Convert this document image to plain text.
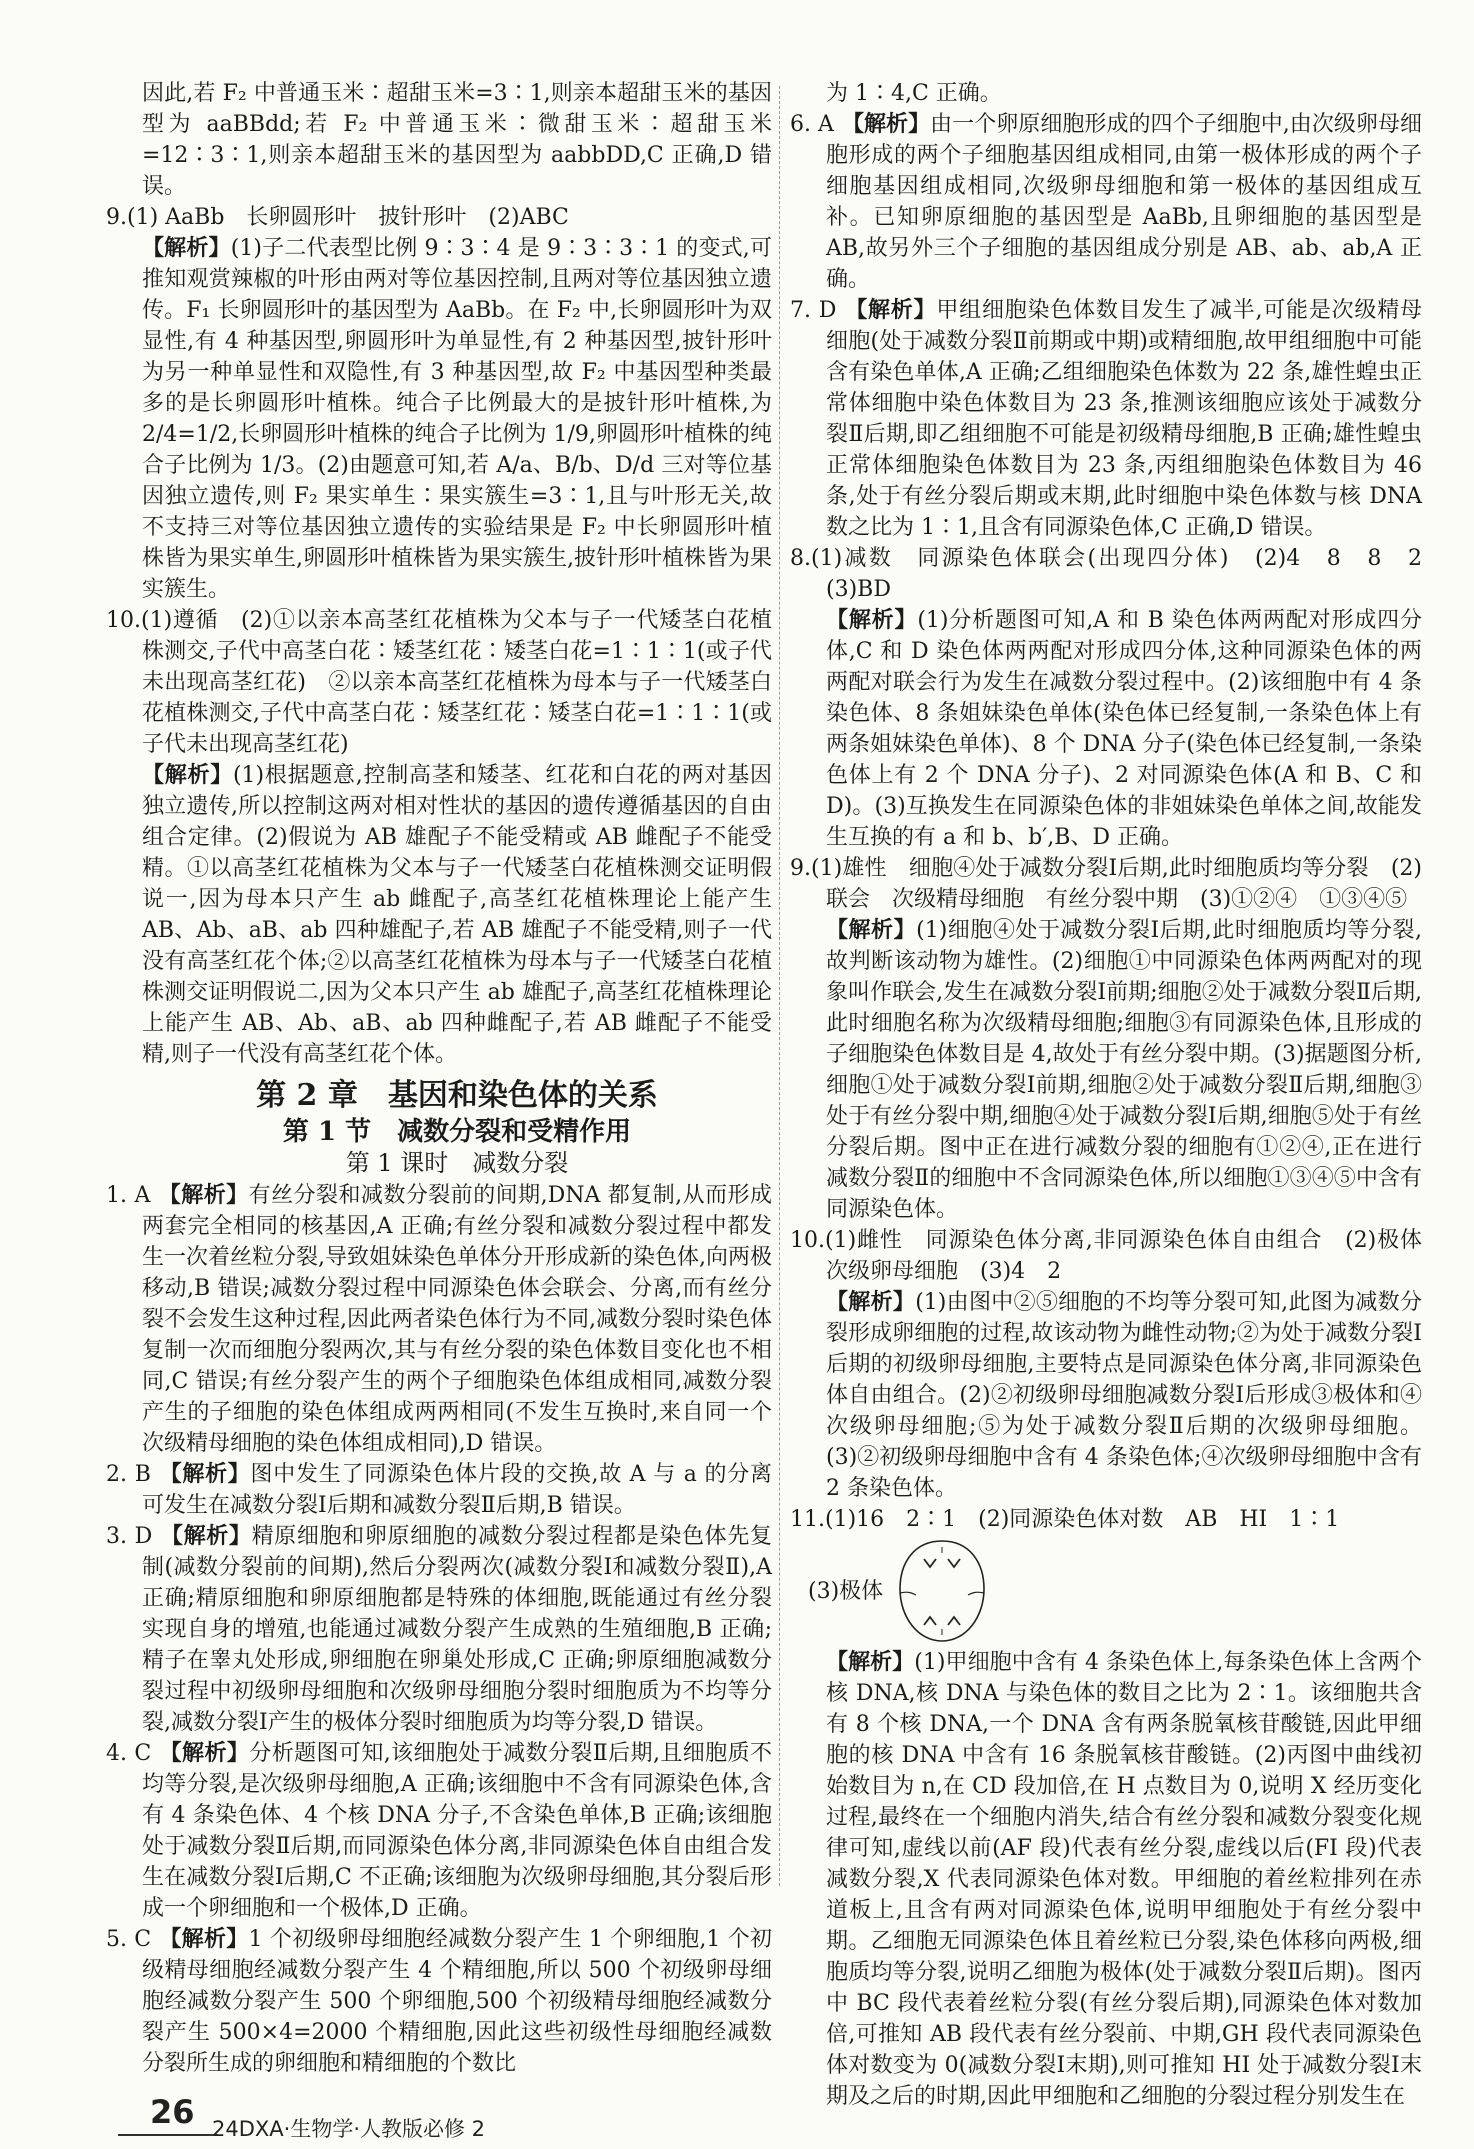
因此,若 F₂ 中普通玉米∶超甜玉米=3∶1,则亲本超甜玉米的基因型为 aaBBdd;若 F₂ 中普通玉米∶微甜玉米∶超甜玉米=12∶3∶1,则亲本超甜玉米的基因型为 aabbDD,C 正确,D 错误。

9.(1) AaBb　长卵圆形叶　披针形叶　(2)ABC

【解析】(1)子二代表型比例 9∶3∶4 是 9∶3∶3∶1 的变式,可推知观赏辣椒的叶形由两对等位基因控制,且两对等位基因独立遗传。F₁ 长卵圆形叶的基因型为 AaBb。在 F₂ 中,长卵圆形叶为双显性,有 4 种基因型,卵圆形叶为单显性,有 2 种基因型,披针形叶为另一种单显性和双隐性,有 3 种基因型,故 F₂ 中基因型种类最多的是长卵圆形叶植株。纯合子比例最大的是披针形叶植株,为 2/4=1/2,长卵圆形叶植株的纯合子比例为 1/9,卵圆形叶植株的纯合子比例为 1/3。(2)由题意可知,若 A/a、B/b、D/d 三对等位基因独立遗传,则 F₂ 果实单生∶果实簇生=3∶1,且与叶形无关,故不支持三对等位基因独立遗传的实验结果是 F₂ 中长卵圆形叶植株皆为果实单生,卵圆形叶植株皆为果实簇生,披针形叶植株皆为果实簇生。

10.(1)遵循　(2)①以亲本高茎红花植株为父本与子一代矮茎白花植株测交,子代中高茎白花∶矮茎红花∶矮茎白花=1∶1∶1(或子代未出现高茎红花)　②以亲本高茎红花植株为母本与子一代矮茎白花植株测交,子代中高茎白花∶矮茎红花∶矮茎白花=1∶1∶1(或子代未出现高茎红花)

【解析】(1)根据题意,控制高茎和矮茎、红花和白花的两对基因独立遗传,所以控制这两对相对性状的基因的遗传遵循基因的自由组合定律。(2)假说为 AB 雄配子不能受精或 AB 雌配子不能受精。①以高茎红花植株为父本与子一代矮茎白花植株测交证明假说一,因为母本只产生 ab 雌配子,高茎红花植株理论上能产生 AB、Ab、aB、ab 四种雄配子,若 AB 雄配子不能受精,则子一代没有高茎红花个体;②以高茎红花植株为母本与子一代矮茎白花植株测交证明假说二,因为父本只产生 ab 雄配子,高茎红花植株理论上能产生 AB、Ab、aB、ab 四种雌配子,若 AB 雌配子不能受精,则子一代没有高茎红花个体。

第 2 章　基因和染色体的关系
第 1 节　减数分裂和受精作用
第 1 课时　减数分裂

1. A 【解析】有丝分裂和减数分裂前的间期,DNA 都复制,从而形成两套完全相同的核基因,A 正确;有丝分裂和减数分裂过程中都发生一次着丝粒分裂,导致姐妹染色单体分开形成新的染色体,向两极移动,B 错误;减数分裂过程中同源染色体会联会、分离,而有丝分裂不会发生这种过程,因此两者染色体行为不同,减数分裂时染色体复制一次而细胞分裂两次,其与有丝分裂的染色体数目变化也不相同,C 错误;有丝分裂产生的两个子细胞染色体组成相同,减数分裂产生的子细胞的染色体组成两两相同(不发生互换时,来自同一个次级精母细胞的染色体组成相同),D 错误。

2. B 【解析】图中发生了同源染色体片段的交换,故 A 与 a 的分离可发生在减数分裂Ⅰ后期和减数分裂Ⅱ后期,B 错误。

3. D 【解析】精原细胞和卵原细胞的减数分裂过程都是染色体先复制(减数分裂前的间期),然后分裂两次(减数分裂Ⅰ和减数分裂Ⅱ),A 正确;精原细胞和卵原细胞都是特殊的体细胞,既能通过有丝分裂实现自身的增殖,也能通过减数分裂产生成熟的生殖细胞,B 正确;精子在睾丸处形成,卵细胞在卵巢处形成,C 正确;卵原细胞减数分裂过程中初级卵母细胞和次级卵母细胞分裂时细胞质为不均等分裂,减数分裂Ⅰ产生的极体分裂时细胞质为均等分裂,D 错误。

4. C 【解析】分析题图可知,该细胞处于减数分裂Ⅱ后期,且细胞质不均等分裂,是次级卵母细胞,A 正确;该细胞中不含有同源染色体,含有 4 条染色体、4 个核 DNA 分子,不含染色单体,B 正确;该细胞处于减数分裂Ⅱ后期,而同源染色体分离,非同源染色体自由组合发生在减数分裂Ⅰ后期,C 不正确;该细胞为次级卵母细胞,其分裂后形成一个卵细胞和一个极体,D 正确。

5. C 【解析】1 个初级卵母细胞经减数分裂产生 1 个卵细胞,1 个初级精母细胞经减数分裂产生 4 个精细胞,所以 500 个初级卵母细胞经减数分裂产生 500 个卵细胞,500 个初级精母细胞经减数分裂产生 500×4=2000 个精细胞,因此这些初级性母细胞经减数分裂所生成的卵细胞和精细胞的个数比

为 1∶4,C 正确。

6. A 【解析】由一个卵原细胞形成的四个子细胞中,由次级卵母细胞形成的两个子细胞基因组成相同,由第一极体形成的两个子细胞基因组成相同,次级卵母细胞和第一极体的基因组成互补。已知卵原细胞的基因型是 AaBb,且卵细胞的基因型是 AB,故另外三个子细胞的基因组成分别是 AB、ab、ab,A 正确。

7. D 【解析】甲组细胞染色体数目发生了减半,可能是次级精母细胞(处于减数分裂Ⅱ前期或中期)或精细胞,故甲组细胞中可能含有染色单体,A 正确;乙组细胞染色体数为 22 条,雄性蝗虫正常体细胞中染色体数目为 23 条,推测该细胞应该处于减数分裂Ⅱ后期,即乙组细胞不可能是初级精母细胞,B 正确;雄性蝗虫正常体细胞染色体数目为 23 条,丙组细胞染色体数目为 46 条,处于有丝分裂后期或末期,此时细胞中染色体数与核 DNA 数之比为 1∶1,且含有同源染色体,C 正确,D 错误。

8.(1)减数　同源染色体联会(出现四分体)　(2)4　8　8　2　(3)BD

【解析】(1)分析题图可知,A 和 B 染色体两两配对形成四分体,C 和 D 染色体两两配对形成四分体,这种同源染色体的两两配对联会行为发生在减数分裂过程中。(2)该细胞中有 4 条染色体、8 条姐妹染色单体(染色体已经复制,一条染色体上有两条姐妹染色单体)、8 个 DNA 分子(染色体已经复制,一条染色体上有 2 个 DNA 分子)、2 对同源染色体(A 和 B、C 和 D)。(3)互换发生在同源染色体的非姐妹染色单体之间,故能发生互换的有 a 和 b、b′,B、D 正确。

9.(1)雄性　细胞④处于减数分裂Ⅰ后期,此时细胞质均等分裂　(2)联会　次级精母细胞　有丝分裂中期　(3)①②④　①③④⑤

【解析】(1)细胞④处于减数分裂Ⅰ后期,此时细胞质均等分裂,故判断该动物为雄性。(2)细胞①中同源染色体两两配对的现象叫作联会,发生在减数分裂Ⅰ前期;细胞②处于减数分裂Ⅱ后期,此时细胞名称为次级精母细胞;细胞③有同源染色体,且形成的子细胞染色体数目是 4,故处于有丝分裂中期。(3)据题图分析,细胞①处于减数分裂Ⅰ前期,细胞②处于减数分裂Ⅱ后期,细胞③处于有丝分裂中期,细胞④处于减数分裂Ⅰ后期,细胞⑤处于有丝分裂后期。图中正在进行减数分裂的细胞有①②④,正在进行减数分裂Ⅱ的细胞中不含同源染色体,所以细胞①③④⑤中含有同源染色体。

10.(1)雌性　同源染色体分离,非同源染色体自由组合　(2)极体　次级卵母细胞　(3)4　2

【解析】(1)由图中②⑤细胞的不均等分裂可知,此图为减数分裂形成卵细胞的过程,故该动物为雌性动物;②为处于减数分裂Ⅰ后期的初级卵母细胞,主要特点是同源染色体分离,非同源染色体自由组合。(2)②初级卵母细胞减数分裂Ⅰ后形成③极体和④次级卵母细胞;⑤为处于减数分裂Ⅱ后期的次级卵母细胞。(3)②初级卵母细胞中含有 4 条染色体;④次级卵母细胞中含有 2 条染色体。

11.(1)16　2∶1　(2)同源染色体对数　AB　HI　1∶1

(3)极体

【解析】(1)甲细胞中含有 4 条染色体上,每条染色体上含两个核 DNA,核 DNA 与染色体的数目之比为 2∶1。该细胞共含有 8 个核 DNA,一个 DNA 含有两条脱氧核苷酸链,因此甲细胞的核 DNA 中含有 16 条脱氧核苷酸链。(2)丙图中曲线初始数目为 n,在 CD 段加倍,在 H 点数目为 0,说明 X 经历变化过程,最终在一个细胞内消失,结合有丝分裂和减数分裂变化规律可知,虚线以前(AF 段)代表有丝分裂,虚线以后(FI 段)代表减数分裂,X 代表同源染色体对数。甲细胞的着丝粒排列在赤道板上,且含有两对同源染色体,说明甲细胞处于有丝分裂中期。乙细胞无同源染色体且着丝粒已分裂,染色体移向两极,细胞质均等分裂,说明乙细胞为极体(处于减数分裂Ⅱ后期)。图丙中 BC 段代表着丝粒分裂(有丝分裂后期),同源染色体对数加倍,可推知 AB 段代表有丝分裂前、中期,GH 段代表同源染色体对数变为 0(减数分裂Ⅰ末期),则可推知 HI 处于减数分裂Ⅰ末期及之后的时期,因此甲细胞和乙细胞的分裂过程分别发生在

26 24DXA·生物学·人教版必修 2
